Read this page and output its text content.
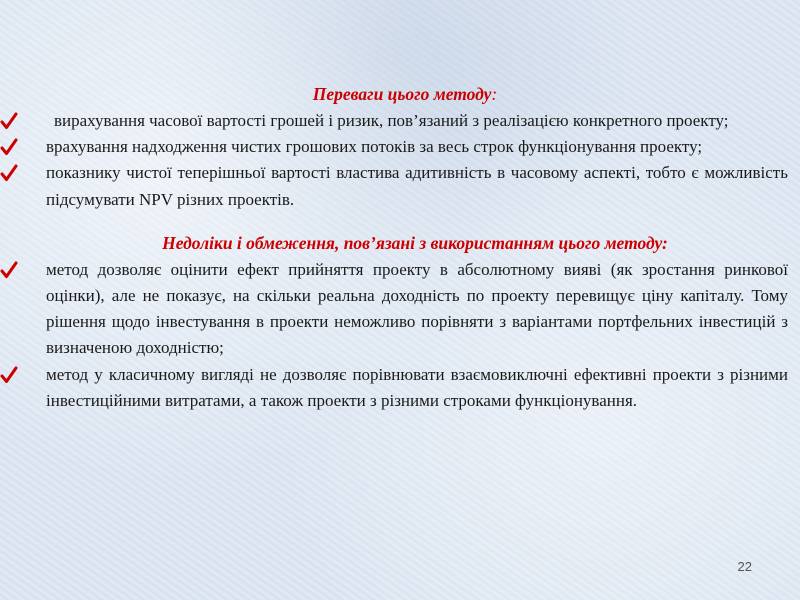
Переваги цього методу:

вирахування часової вартості грошей і ризик, пов’язаний з реалізацією конкретного проекту;

врахування надходження чистих грошових потоків за весь строк функціонування проекту;

показнику чистої теперішньої вартості властива адитивність в часовому аспекті, тобто є можливість підсумувати NPV різних проектів.

Недоліки і обмеження, пов’язані з використанням цього методу:

метод дозволяє оцінити ефект прийняття проекту в абсолютному вияві (як зростання ринкової оцінки), але не показує, на скільки реальна доходність по проекту перевищує ціну капіталу. Тому рішення щодо інвестування в проекти неможливо порівняти з варіантами портфельних інвестицій з визначеною доходністю;

метод у класичному вигляді не дозволяє порівнювати взаємовиключні ефективні проекти з різними інвестиційними витратами, а також проекти з різними строками функціонування.

22
